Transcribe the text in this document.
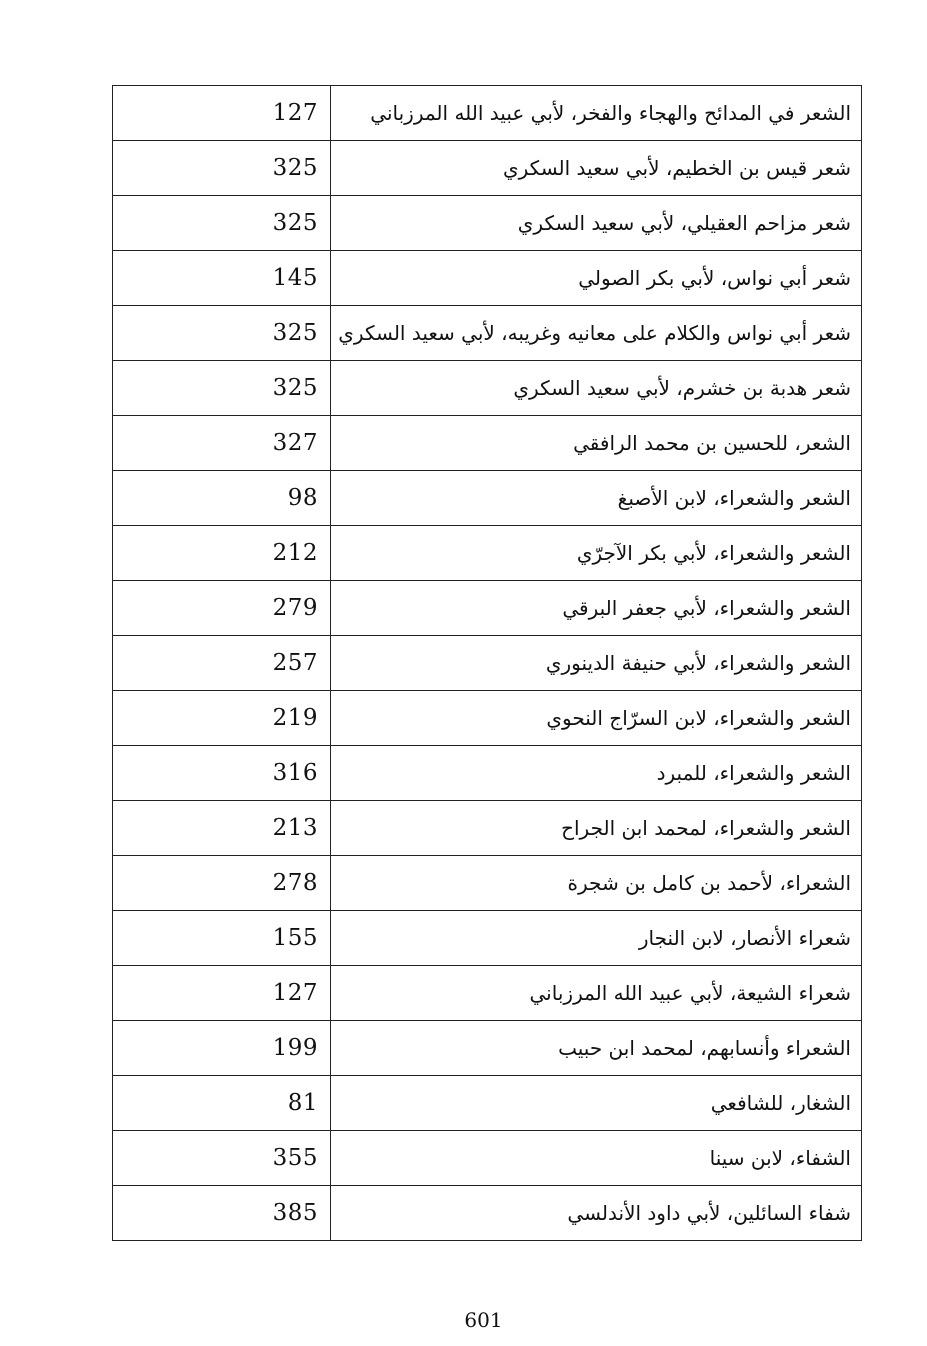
127	الشعر في المدائح والهجاء والفخر، لأبي عبيد الله المرزباني
325	شعر قيس بن الخطيم، لأبي سعيد السكري
325	شعر مزاحم العقيلي، لأبي سعيد السكري
145	شعر أبي نواس، لأبي بكر الصولي
325	شعر أبي نواس والكلام على معانيه وغريبه، لأبي سعيد السكري
325	شعر هدبة بن خشرم، لأبي سعيد السكري
327	الشعر، للحسين بن محمد الرافقي
98	الشعر والشعراء، لابن الأصبغ
212	الشعر والشعراء، لأبي بكر الآجرّي
279	الشعر والشعراء، لأبي جعفر البرقي
257	الشعر والشعراء، لأبي حنيفة الدينوري
219	الشعر والشعراء، لابن السرّاج النحوي
316	الشعر والشعراء، للمبرد
213	الشعر والشعراء، لمحمد ابن الجراح
278	الشعراء، لأحمد بن كامل بن شجرة
155	شعراء الأنصار، لابن النجار
127	شعراء الشيعة، لأبي عبيد الله المرزباني
199	الشعراء وأنسابهم، لمحمد ابن حبيب
81	الشغار، للشافعي
355	الشفاء، لابن سينا
385	شفاء السائلين، لأبي داود الأندلسي
601
